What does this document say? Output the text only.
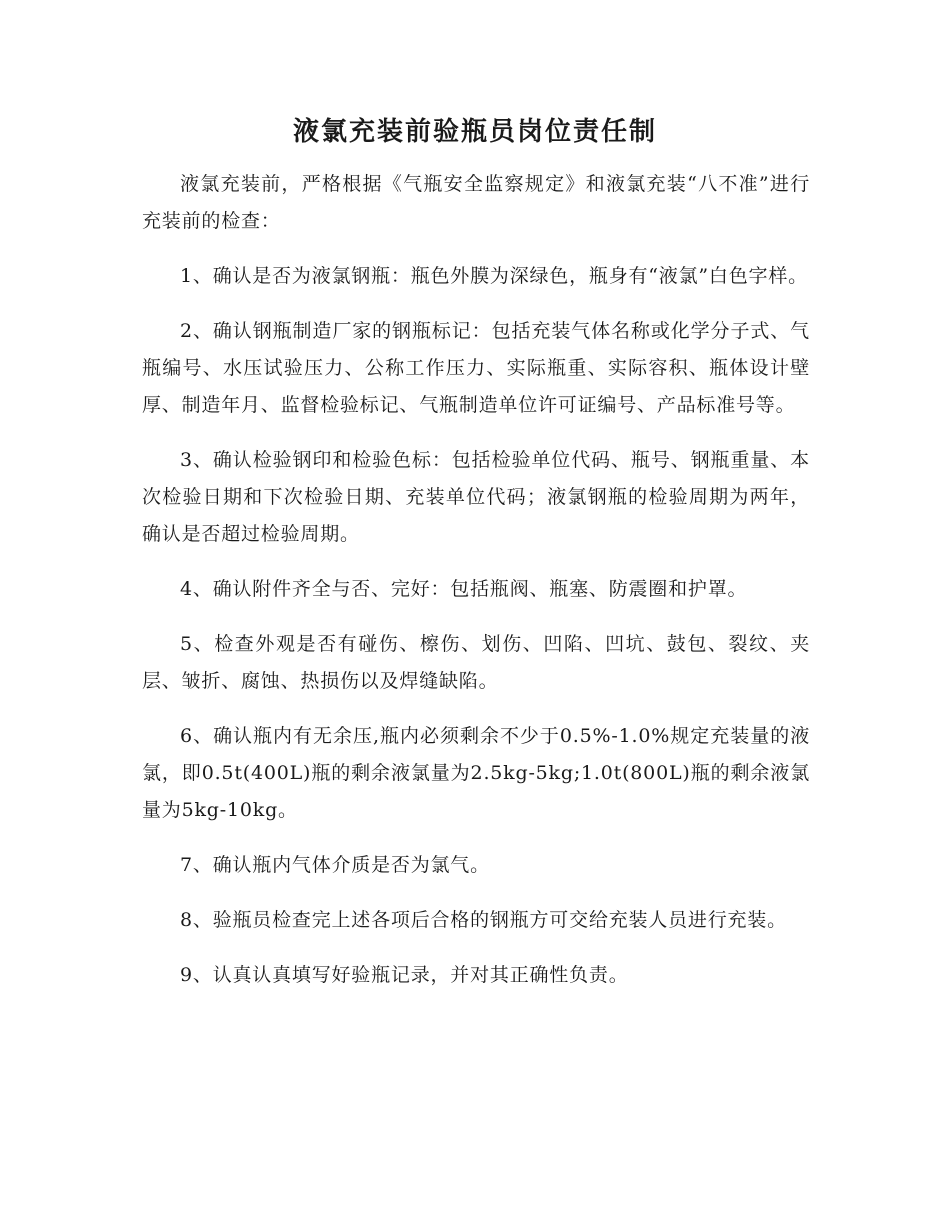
液氯充装前验瓶员岗位责任制

液氯充装前，严格根据《气瓶安全监察规定》和液氯充装“八不准”进行充装前的检查：

1、确认是否为液氯钢瓶：瓶色外膜为深绿色，瓶身有“液氯”白色字样。

2、确认钢瓶制造厂家的钢瓶标记：包括充装气体名称或化学分子式、气瓶编号、水压试验压力、公称工作压力、实际瓶重、实际容积、瓶体设计壁厚、制造年月、监督检验标记、气瓶制造单位许可证编号、产品标准号等。

3、确认检验钢印和检验色标：包括检验单位代码、瓶号、钢瓶重量、本次检验日期和下次检验日期、充装单位代码；液氯钢瓶的检验周期为两年，确认是否超过检验周期。

4、确认附件齐全与否、完好：包括瓶阀、瓶塞、防震圈和护罩。

5、检查外观是否有碰伤、檫伤、划伤、凹陷、凹坑、鼓包、裂纹、夹层、皱折、腐蚀、热损伤以及焊缝缺陷。

6、确认瓶内有无余压,瓶内必须剩余不少于0.5%-1.0%规定充装量的液氯，即0.5t(400L)瓶的剩余液氯量为2.5kg-5kg;1.0t(800L)瓶的剩余液氯量为5kg-10kg。

7、确认瓶内气体介质是否为氯气。

8、验瓶员检查完上述各项后合格的钢瓶方可交给充装人员进行充装。

9、认真认真填写好验瓶记录，并对其正确性负责。
